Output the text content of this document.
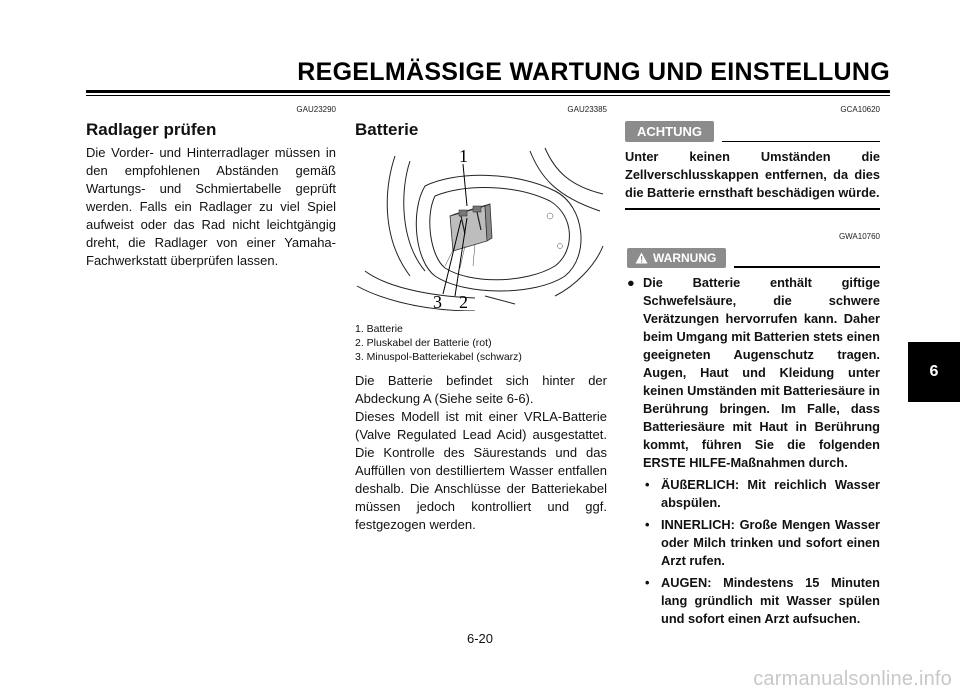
REGELMÄSSIGE WARTUNG UND EINSTELLUNG
GAU23290
Radlager prüfen

Die Vorder- und Hinterradlager müssen in den empfohlenen Abständen gemäß Wartungs- und Schmiertabelle geprüft werden. Falls ein Radlager zu viel Spiel aufweist oder das Rad nicht leichtgängig dreht, die Radlager von einer Yamaha-Fachwerkstatt überprüfen lassen.

GAU23385
Batterie
1
2
3
1. Batterie
2. Pluskabel der Batterie (rot)
3. Minuspol-Batteriekabel (schwarz)

Die Batterie befindet sich hinter der Abdeckung A (Siehe seite 6-6).

Dieses Modell ist mit einer VRLA-Batterie (Valve Regulated Lead Acid) ausgestattet. Die Kontrolle des Säurestands und das Auffüllen von destilliertem Wasser entfallen deshalb. Die Anschlüsse der Batteriekabel müssen jedoch kontrolliert und ggf. festgezogen werden.

GCA10620
ACHTUNG
Unter keinen Umständen die Zellverschlusskappen entfernen, da dies die Batterie ernsthaft beschädigen würde.
GWA10760
WARNUNG
● Die Batterie enthält giftige Schwefelsäure, die schwere Verätzungen hervorrufen kann. Daher beim Umgang mit Batterien stets einen geeigneten Augenschutz tragen. Augen, Haut und Kleidung unter keinen Umständen mit Batteriesäure in Berührung bringen. Im Falle, dass Batteriesäure mit Haut in Berührung kommt, führen Sie die folgenden ERSTE HILFE-Maßnahmen durch.
• ÄUßERLICH: Mit reichlich Wasser abspülen.
• INNERLICH: Große Mengen Wasser oder Milch trinken und sofort einen Arzt rufen.
• AUGEN: Mindestens 15 Minuten lang gründlich mit Wasser spülen und sofort einen Arzt aufsuchen.
6-20
6
carmanualsonline.info
